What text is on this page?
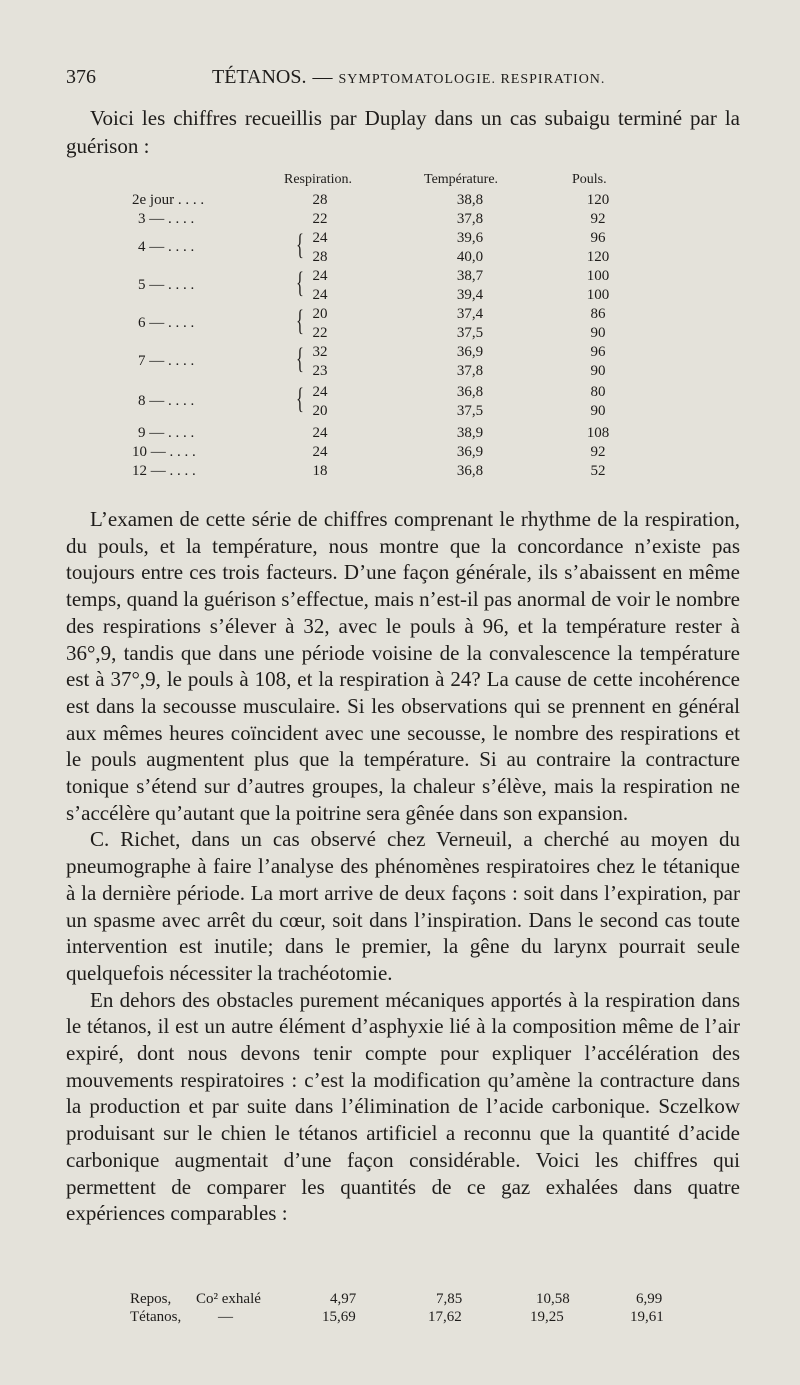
376	TÉTANOS. — SYMPTOMATOLOGIE. RESPIRATION.

Voici les chiffres recueillis par Duplay dans un cas subaigu terminé par la guérison :

Respiration.	Température.	Pouls.
2e jour . . . .	28	38,8	120
3 — . . . .	22	37,8	92
4 — . . . .	{ 24	39,6	96
28	40,0	120
5 — . . . .	{ 24	38,7	100
24	39,4	100
6 — . . . .	{ 20	37,4	86
22	37,5	90
7 — . . . .	{ 32	36,9	96
23	37,8	90
8 — . . . .	{ 24	36,8	80
20	37,5	90
9 — . . . .	24	38,9	108
10 — . . . .	24	36,9	92
12 — . . . .	18	36,8	52

L’examen de cette série de chiffres comprenant le rhythme de la respiration, du pouls, et la température, nous montre que la concordance n’existe pas toujours entre ces trois facteurs. D’une façon générale, ils s’abaissent en même temps, quand la guérison s’effectue, mais n’est-il pas anormal de voir le nombre des respirations s’élever à 32, avec le pouls à 96, et la température rester à 36°,9, tandis que dans une période voisine de la convalescence la température est à 37°,9, le pouls à 108, et la respiration à 24? La cause de cette incohérence est dans la secousse musculaire. Si les observations qui se prennent en général aux mêmes heures coïncident avec une secousse, le nombre des respirations et le pouls augmentent plus que la température. Si au contraire la contracture tonique s’étend sur d’autres groupes, la chaleur s’élève, mais la respiration ne s’accélère qu’autant que la poitrine sera gênée dans son expansion.

C. Richet, dans un cas observé chez Verneuil, a cherché au moyen du pneumographe à faire l’analyse des phénomènes respiratoires chez le tétanique à la dernière période. La mort arrive de deux façons : soit dans l’expiration, par un spasme avec arrêt du cœur, soit dans l’inspiration. Dans le second cas toute intervention est inutile; dans le premier, la gêne du larynx pourrait seule quelquefois nécessiter la trachéotomie.

En dehors des obstacles purement mécaniques apportés à la respiration dans le tétanos, il est un autre élément d’asphyxie lié à la composition même de l’air expiré, dont nous devons tenir compte pour expliquer l’accélération des mouvements respiratoires : c’est la modification qu’amène la contracture dans la production et par suite dans l’élimination de l’acide carbonique. Sczelkow produisant sur le chien le tétanos artificiel a reconnu que la quantité d’acide carbonique augmentait d’une façon considérable. Voici les chiffres qui permettent de comparer les quantités de ce gaz exhalées dans quatre expériences comparables :

Repos, Co² exhalé	4,97	7,85	10,58	6,99
Tétanos, —	15,69	17,62	19,25	19,61
